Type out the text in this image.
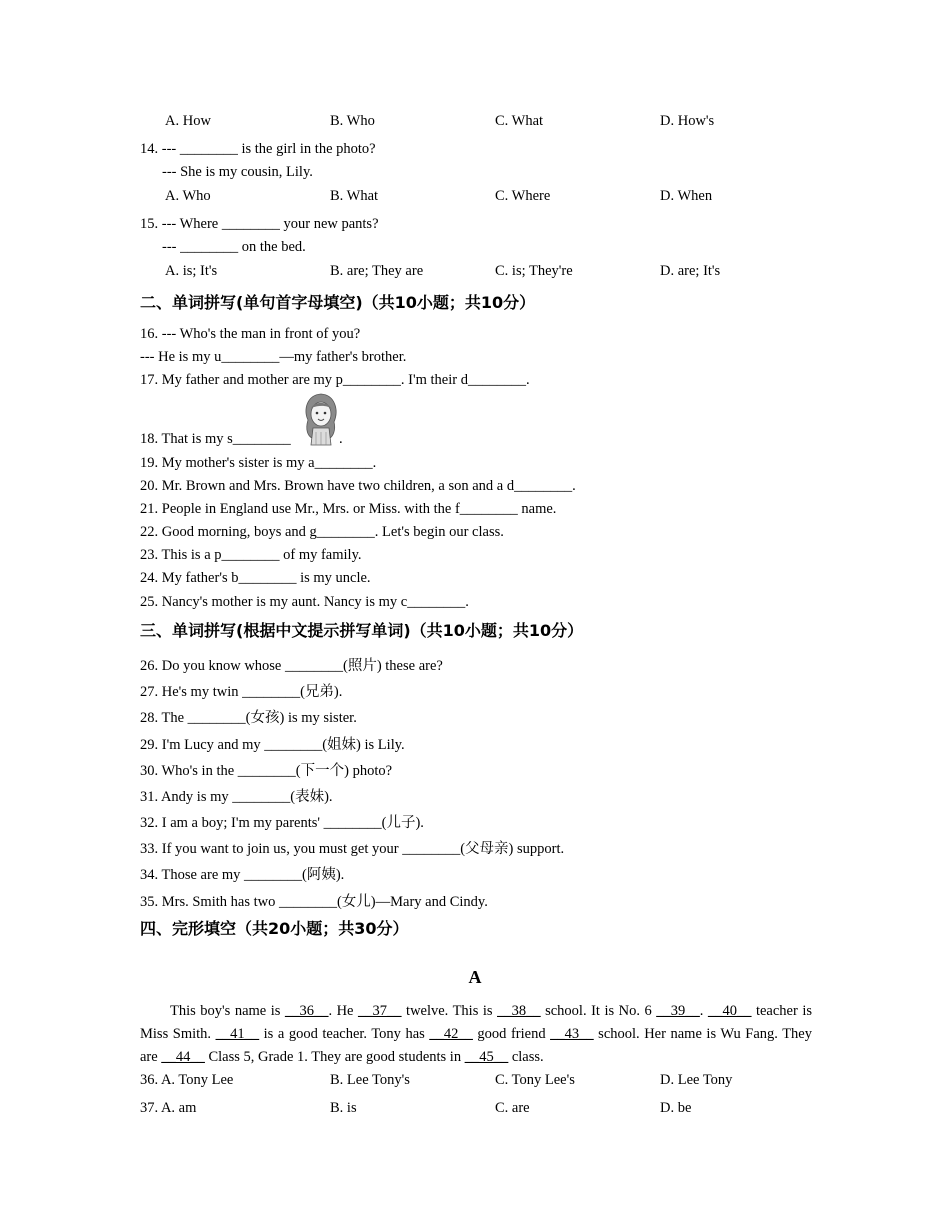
A. How	B. Who	C. What	D. How's
14. --- ________ is the girl in the photo?
--- She is my cousin, Lily.
A. Who	B. What	C. Where	D. When
15. --- Where ________ your new pants?
--- ________ on the bed.
A. is; It's	B. are; They are	C. is; They're	D. are; It's
二、单词拼写(单句首字母填空)（共10小题；共10分）
16. --- Who's the man in front of you?
--- He is my u________—my father's brother.
17. My father and mother are my p________. I'm their d________.
18. That is my s________	.
19. My mother's sister is my a________.
20. Mr. Brown and Mrs. Brown have two children, a son and a d________.
21. People in England use Mr., Mrs. or Miss. with the f________ name.
22. Good morning, boys and g________. Let's begin our class.
23. This is a p________ of my family.
24. My father's b________ is my uncle.
25. Nancy's mother is my aunt. Nancy is my c________.
三、单词拼写(根据中文提示拼写单词)（共10小题；共10分）
26. Do you know whose ________(照片) these are?
27. He's my twin ________(兄弟).
28. The ________(女孩) is my sister.
29. I'm Lucy and my ________(姐妹) is Lily.
30. Who's in the ________(下一个) photo?
31. Andy is my ________(表妹).
32. I am a boy; I'm my parents' ________(儿子).
33. If you want to join us, you must get your ________(父母亲) support.
34. Those are my ________(阿姨).
35. Mrs. Smith has two ________(女儿)—Mary and Cindy.
四、完形填空（共20小题；共30分）
A
This boy's name is __36__. He __37__ twelve. This is __38__ school. It is No. 6 __39__. __40__ teacher is Miss Smith. __41__ is a good teacher. Tony has __42__ good friend __43__ school. Her name is Wu Fang. They are __44__ Class 5, Grade 1. They are good students in __45__ class.
36. A. Tony Lee	B. Lee Tony's	C. Tony Lee's	D. Lee Tony
37. A. am	B. is	C. are	D. be
